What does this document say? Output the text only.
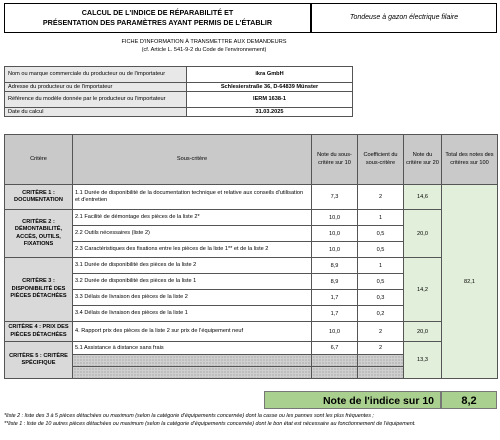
CALCUL DE L'INDICE DE RÉPARABILITÉ ET
PRÉSENTATION DES PARAMÈTRES AYANT PERMIS DE L'ÉTABLIR	Tondeuse à gazon électrique filaire
FICHE D'INFORMATION À TRANSMETTRE AUX DEMANDEURS
(cf. Article L. 541-9-2 du Code de l'environnement)
Nom ou marque commerciale du producteur ou de l'importateur	ikra GmbH
Adresse du producteur ou de l'importateur	Schlesierstraße 36, D-64839 Münster
Référence du modèle donnée par le producteur ou l'importateur	IERM 1638-1
Date du calcul	31.03.2025
Critère	Sous-critère	Note du sous-critère sur 10	Coefficient du sous-critère	Note du critère sur 20	Total des notes des critères sur 100
CRITÈRE 1 : DOCUMENTATION	1.1 Durée de disponibilité de la documentation technique et relative aux conseils d'utilisation et d'entretien	7,3	2	14,6	82,1
CRITÈRE 2 : DÉMONTABILITÉ, ACCÈS, OUTILS, FIXATIONS	2.1 Facilité de démontage des pièces de la liste 2*	10,0	1	20,0	
	2.2 Outils nécessaires (liste 2)	10,0	0,5		
	2.3 Caractéristiques des fixations entre les pièces de la liste 1** et de la liste 2	10,0	0,5		
CRITÈRE 3 : DISPONIBILITÉ DES PIÈCES DÉTACHÉES	3.1 Durée de disponibilité des pièces de la liste 2	8,9	1	14,2	
	3.2 Durée de disponibilité des pièces de la liste 1	8,9	0,5		
	3.3 Délais de livraison des pièces de la liste 2	1,7	0,3		
	3.4 Délais de livraison des pièces de la liste 1	1,7	0,2		
CRITÈRE 4 : PRIX DES PIÈCES DÉTACHÉES	4. Rapport prix des pièces de la liste 2 sur prix de l'équipement neuf	10,0	2	20,0	
CRITÈRE 5 : CRITÈRE SPÉCIFIQUE	5.1 Assistance à distance sans frais	6,7	2	13,3	

Note de l'indice sur 10	8,2
*liste 2 : liste des 3 à 5 pièces détachées ou maximum (selon la catégorie d'équipements concernée) dont la casse ou les pannes sont les plus fréquentes ;
**liste 1 : liste de 10 autres pièces détachées ou maximum (selon la catégorie d'équipements concernée) dont le bon état est nécessaire au fonctionnement de l'équipement.
